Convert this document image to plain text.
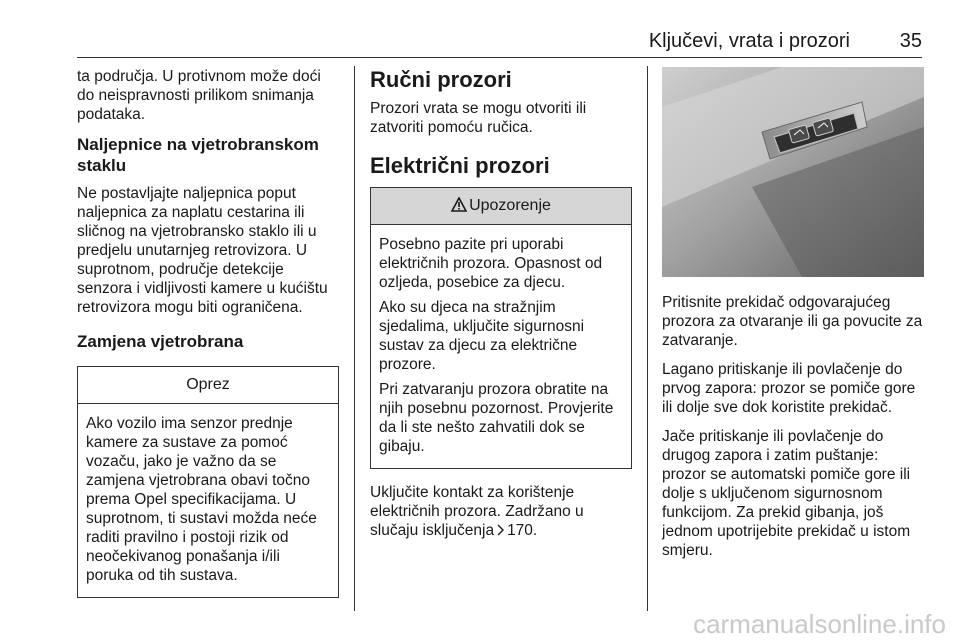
Ključevi, vrata i prozori 35

ta područja. U protivnom može doći do neispravnosti prilikom snimanja podataka.

Naljepnice na vjetrobranskom staklu

Ne postavljajte naljepnica poput naljepnica za naplatu cestarina ili sličnog na vjetrobransko staklo ili u predjelu unutarnjeg retrovizora. U suprotnom, područje detekcije senzora i vidljivosti kamere u kućištu retrovizora mogu biti ograničena.

Zamjena vjetrobrana
Oprez

Ako vozilo ima senzor prednje kamere za sustave za pomoć vozaču, jako je važno da se zamjena vjetrobrana obavi točno prema Opel specifikacijama. U suprotnom, ti sustavi možda neće raditi pravilno i postoji rizik od neočekivanog ponašanja i/ili poruka od tih sustava.

Ručni prozori

Prozori vrata se mogu otvoriti ili zatvoriti pomoću ručica.

Električni prozori
Upozorenje

Posebno pazite pri uporabi električnih prozora. Opasnost od ozljeda, posebice za djecu.

Ako su djeca na stražnjim sjedalima, uključite sigurnosni sustav za djecu za električne prozore.

Pri zatvaranju prozora obratite na njih posebnu pozornost. Provjerite da li ste nešto zahvatili dok se gibaju.

Uključite kontakt za korištenje električnih prozora. Zadržano u slučaju isključenja 170.

Pritisnite prekidač odgovarajućeg prozora za otvaranje ili ga povucite za zatvaranje.

Lagano pritiskanje ili povlačenje do prvog zapora: prozor se pomiče gore ili dolje sve dok koristite prekidač.

Jače pritiskanje ili povlačenje do drugog zapora i zatim puštanje: prozor se automatski pomiče gore ili dolje s uključenom sigurnosnom funkcijom. Za prekid gibanja, još jednom upotrijebite prekidač u istom smjeru.

carmanualsonline.info
